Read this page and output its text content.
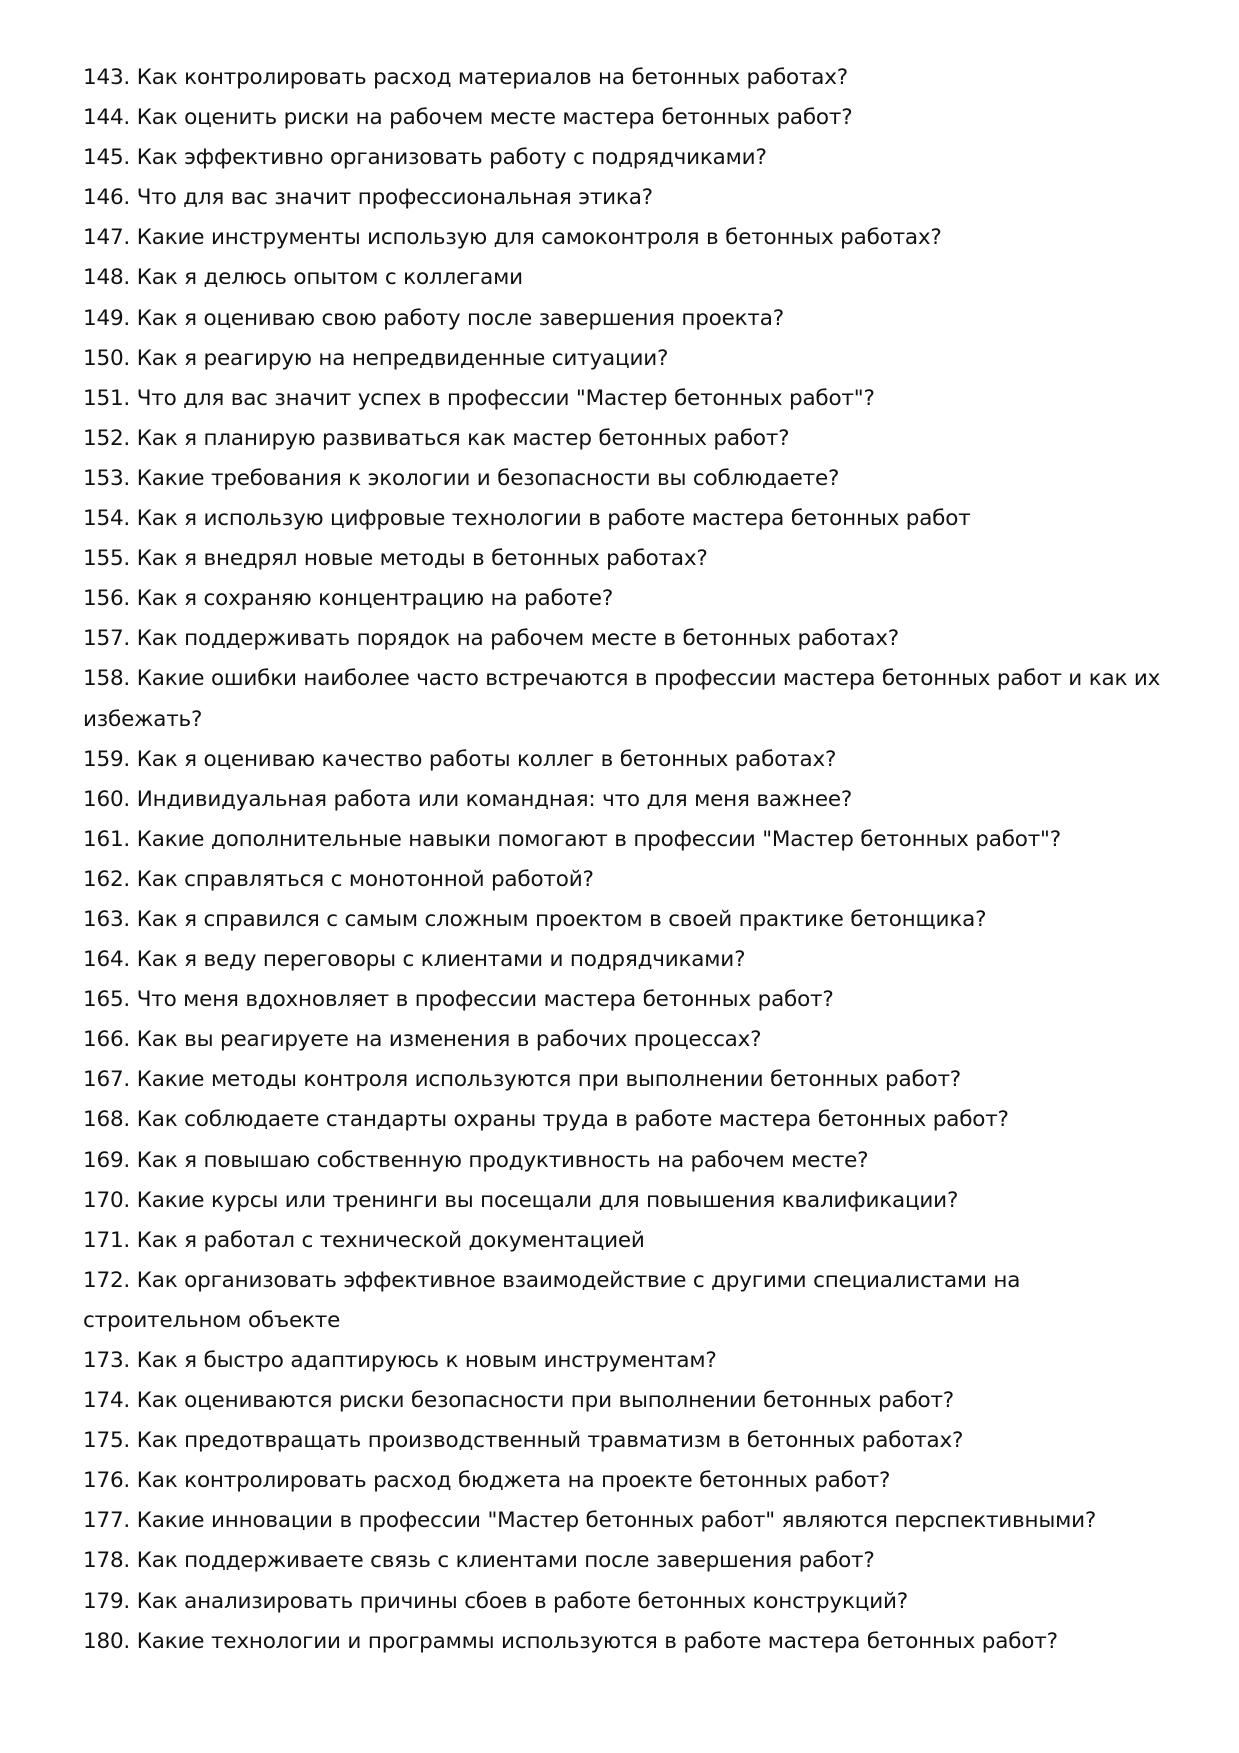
143. Как контролировать расход материалов на бетонных работах?

144. Как оценить риски на рабочем месте мастера бетонных работ?

145. Как эффективно организовать работу с подрядчиками?

146. Что для вас значит профессиональная этика?

147. Какие инструменты использую для самоконтроля в бетонных работах?

148. Как я делюсь опытом с коллегами

149. Как я оцениваю свою работу после завершения проекта?

150. Как я реагирую на непредвиденные ситуации?

151. Что для вас значит успех в профессии "Мастер бетонных работ"?

152. Как я планирую развиваться как мастер бетонных работ?

153. Какие требования к экологии и безопасности вы соблюдаете?

154. Как я использую цифровые технологии в работе мастера бетонных работ

155. Как я внедрял новые методы в бетонных работах?

156. Как я сохраняю концентрацию на работе?

157. Как поддерживать порядок на рабочем месте в бетонных работах?

158. Какие ошибки наиболее часто встречаются в профессии мастера бетонных работ и как их избежать?

159. Как я оцениваю качество работы коллег в бетонных работах?

160. Индивидуальная работа или командная: что для меня важнее?

161. Какие дополнительные навыки помогают в профессии "Мастер бетонных работ"?

162. Как справляться с монотонной работой?

163. Как я справился с самым сложным проектом в своей практике бетонщика?

164. Как я веду переговоры с клиентами и подрядчиками?

165. Что меня вдохновляет в профессии мастера бетонных работ?

166. Как вы реагируете на изменения в рабочих процессах?

167. Какие методы контроля используются при выполнении бетонных работ?

168. Как соблюдаете стандарты охраны труда в работе мастера бетонных работ?

169. Как я повышаю собственную продуктивность на рабочем месте?

170. Какие курсы или тренинги вы посещали для повышения квалификации?

171. Как я работал с технической документацией

172. Как организовать эффективное взаимодействие с другими специалистами на строительном объекте

173. Как я быстро адаптируюсь к новым инструментам?

174. Как оцениваются риски безопасности при выполнении бетонных работ?

175. Как предотвращать производственный травматизм в бетонных работах?

176. Как контролировать расход бюджета на проекте бетонных работ?

177. Какие инновации в профессии "Мастер бетонных работ" являются перспективными?

178. Как поддерживаете связь с клиентами после завершения работ?

179. Как анализировать причины сбоев в работе бетонных конструкций?

180. Какие технологии и программы используются в работе мастера бетонных работ?
